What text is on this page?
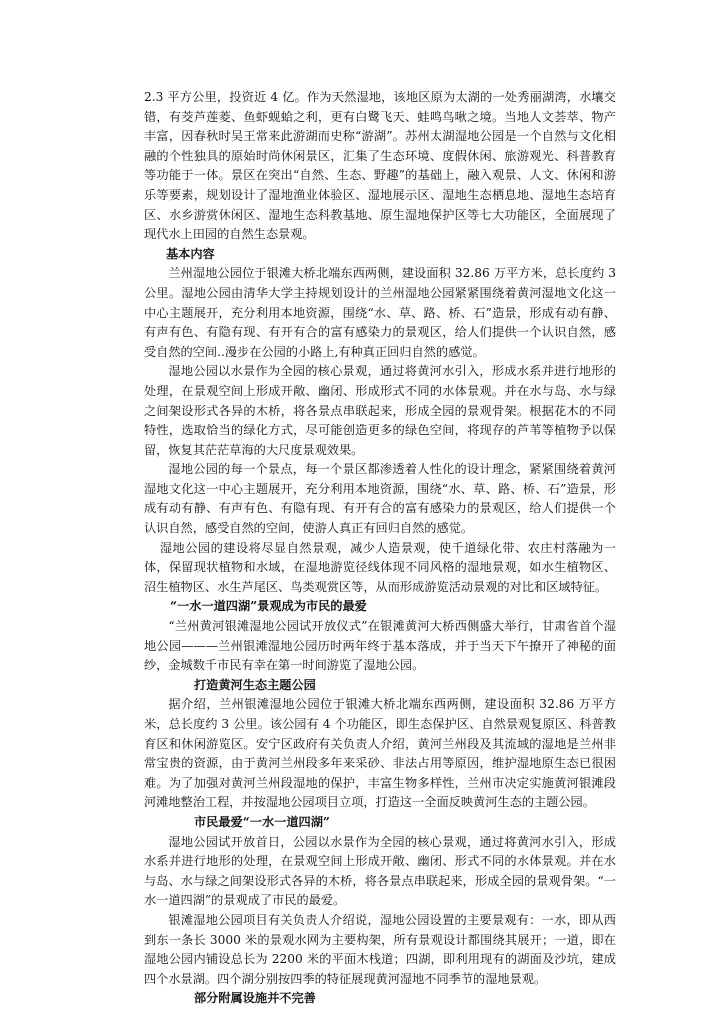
2.3 平方公里，投资近 4 亿。作为天然湿地，该地区原为太湖的一处秀丽湖湾，水壤交错，有茭芦莲菱、鱼虾蚬蛤之利，更有白鹭飞天、蛙鸣鸟啾之境。当地人文荟萃、物产丰富，因春秋时吴王常来此游湖而史称“游湖”。苏州太湖湿地公园是一个自然与文化相融的个性独具的原始时尚休闲景区，汇集了生态环境、度假休闲、旅游观光、科普教育等功能于一体。景区在突出“自然、生态、野趣”的基础上，融入观景、人文、休闲和游乐等要素，规划设计了湿地渔业体验区、湿地展示区、湿地生态栖息地、湿地生态培育区、水乡游赏休闲区、湿地生态科教基地、原生湿地保护区等七大功能区，全面展现了现代水上田园的自然生态景观。

基本内容

兰州湿地公园位于银滩大桥北端东西两侧，建设面积 32.86 万平方米，总长度约 3 公里。湿地公园由清华大学主持规划设计的兰州湿地公园紧紧围绕着黄河湿地文化这一中心主题展开，充分利用本地资源，围绕“水、草、路、桥、石”造景，形成有动有静、有声有色、有隐有现、有开有合的富有感染力的景观区，给人们提供一个认识自然，感受自然的空间..漫步在公园的小路上,有种真正回归自然的感觉。

湿地公园以水景作为全园的核心景观，通过将黄河水引入，形成水系并进行地形的处理，在景观空间上形成开敞、幽闭、形成形式不同的水体景观。并在水与岛、水与绿之间架设形式各异的木桥，将各景点串联起来，形成全园的景观骨架。根据花木的不同特性，选取恰当的绿化方式，尽可能创造更多的绿色空间，将现存的芦苇等植物予以保留，恢复其茫茫草海的大尺度景观效果。

湿地公园的每一个景点，每一个景区都渗透着人性化的设计理念，紧紧围绕着黄河湿地文化这一中心主题展开，充分利用本地资源，围绕“水、草、路、桥、石”造景，形成有动有静、有声有色、有隐有现、有开有合的富有感染力的景观区，给人们提供一个认识自然，感受自然的空间，使游人真正有回归自然的感觉。

湿地公园的建设将尽显自然景观，减少人造景观，使千道绿化带、农庄村落融为一体，保留现状植物和水域，在湿地游览径线体现不同风格的湿地景观，如水生植物区、沼生植物区、水生芦尾区、鸟类观赏区等，从而形成游览活动景观的对比和区域特征。

“一水一道四湖”景观成为市民的最爱

“兰州黄河银滩湿地公园试开放仪式”在银滩黄河大桥西侧盛大举行，甘肃省首个湿地公园———兰州银滩湿地公园历时两年终于基本落成，并于当天下午撩开了神秘的面纱，金城数千市民有幸在第一时间游览了湿地公园。

打造黄河生态主题公园

据介绍，兰州银滩湿地公园位于银滩大桥北端东西两侧，建设面积 32.86 万平方米，总长度约 3 公里。该公园有 4 个功能区，即生态保护区、自然景观复原区、科普教育区和休闲游览区。安宁区政府有关负责人介绍，黄河兰州段及其流域的湿地是兰州非常宝贵的资源，由于黄河兰州段多年来采砂、非法占用等原因，维护湿地原生态已很困难。为了加强对黄河兰州段湿地的保护，丰富生物多样性，兰州市决定实施黄河银滩段河滩地整治工程，并按湿地公园项目立项，打造这一全面反映黄河生态的主题公园。

市民最爱“一水一道四湖”

湿地公园试开放首日，公园以水景作为全园的核心景观，通过将黄河水引入，形成水系并进行地形的处理，在景观空间上形成开敞、幽闭、形式不同的水体景观。并在水与岛、水与绿之间架设形式各异的木桥，将各景点串联起来，形成全园的景观骨架。“一水一道四湖”的景观成了市民的最爱。

银滩湿地公园项目有关负责人介绍说，湿地公园设置的主要景观有：一水，即从西到东一条长 3000 米的景观水网为主要构架，所有景观设计都围绕其展开；一道，即在湿地公园内铺设总长为 2200 米的平面木栈道；四湖，即利用现有的湖面及沙坑，建成四个水景湖。四个湖分别按四季的特征展现黄河湿地不同季节的湿地景观。

部分附属设施并不完善
